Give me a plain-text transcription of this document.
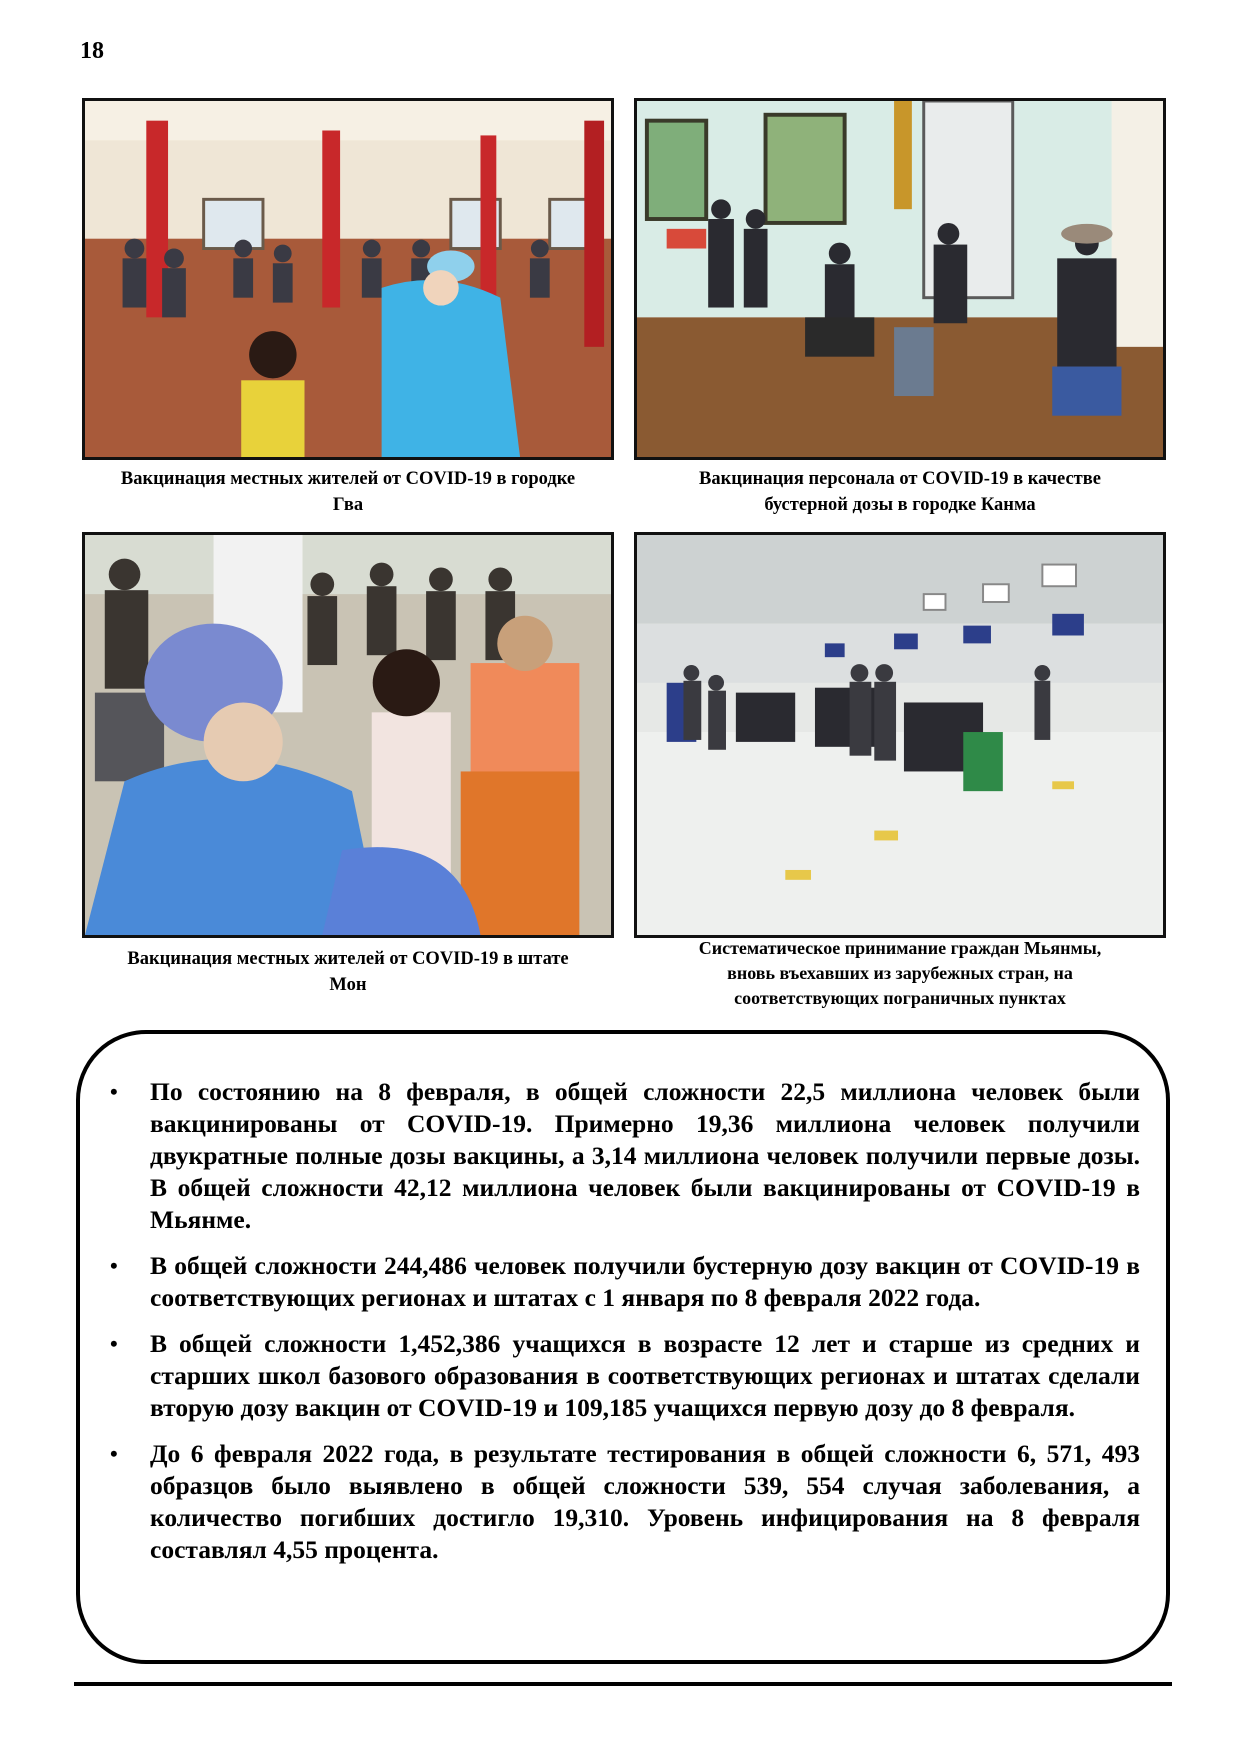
18
Вакцинация местных жителей от COVID-19 в городке
Гва
Вакцинация персонала от COVID-19 в качестве
бустерной дозы в городке Канма
Вакцинация местных жителей от COVID-19 в штате
Мон
Систематическое принимание граждан Мьянмы,
вновь въехавших из зарубежных стран, на
соответствующих пограничных пунктах
• По состоянию на 8 февраля, в общей сложности 22,5 миллиона человек были вакцинированы от COVID-19. Примерно 19,36 миллиона человек получили двукратные полные дозы вакцины, а 3,14 миллиона человек получили первые дозы. В общей сложности 42,12 миллиона человек были вакцинированы от COVID-19 в Мьянме.
• В общей сложности 244,486 человек получили бустерную дозу вакцин от COVID-19 в соответствующих регионах и штатах с 1 января по 8 февраля 2022 года.
• В общей сложности 1,452,386 учащихся в возрасте 12 лет и старше из средних и старших школ базового образования в соответствующих регионах и штатах сделали вторую дозу вакцин от COVID-19 и 109,185 учащихся первую дозу до 8 февраля.
• До 6 февраля 2022 года, в результате тестирования в общей сложности 6, 571, 493 образцов было выявлено в общей сложности 539, 554 случая заболевания, а количество погибших достигло 19,310. Уровень инфицирования на 8 февраля составлял 4,55 процента.
